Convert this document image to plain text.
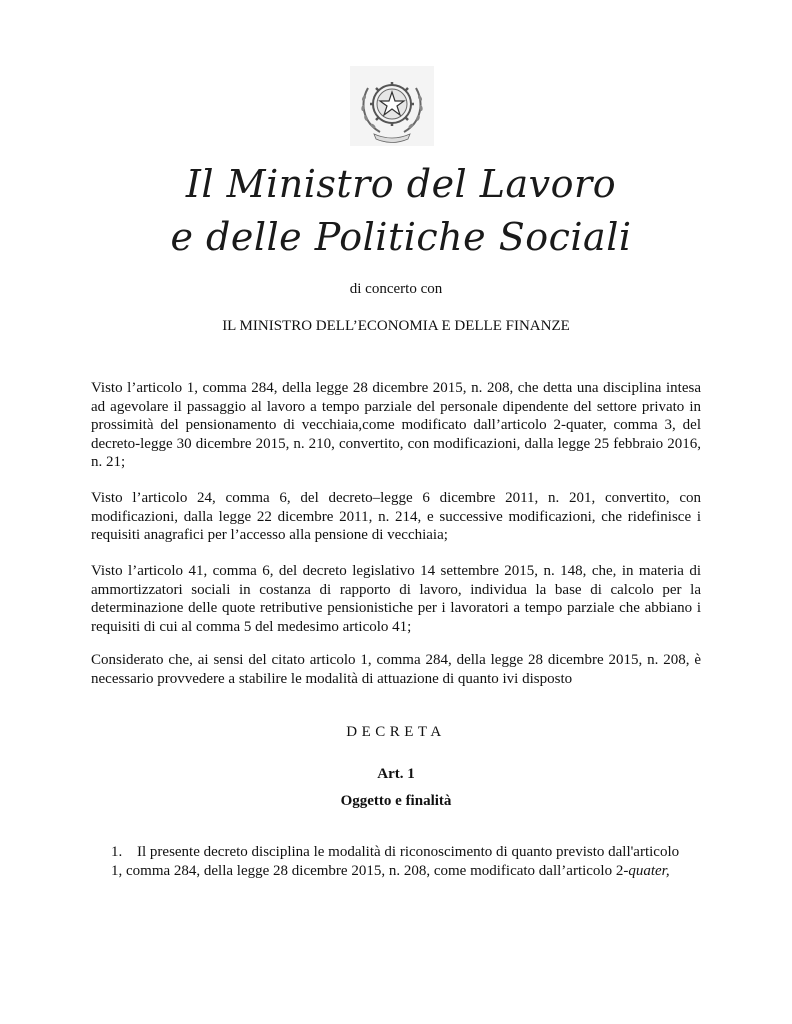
Il Ministro del Lavoro
e delle Politiche Sociali
di concerto con
IL MINISTRO DELL’ECONOMIA E DELLE FINANZE
Visto l’articolo 1, comma 284, della legge 28 dicembre 2015, n. 208, che detta una disciplina intesa ad agevolare il passaggio al lavoro a tempo parziale del personale dipendente del settore privato in prossimità del pensionamento di vecchiaia,come modificato dall’articolo 2-quater, comma 3, del decreto-legge 30 dicembre 2015, n. 210, convertito, con modificazioni, dalla legge 25 febbraio 2016, n. 21;
Visto l’articolo 24, comma 6, del decreto–legge 6 dicembre 2011, n. 201, convertito, con modificazioni, dalla legge 22 dicembre 2011, n. 214, e successive modificazioni, che ridefinisce i requisiti anagrafici per l’accesso alla pensione di vecchiaia;
Visto l’articolo 41, comma 6, del decreto legislativo 14 settembre 2015, n. 148, che, in materia di ammortizzatori sociali in costanza di rapporto di lavoro, individua la base di calcolo per la determinazione delle quote retributive pensionistiche per i lavoratori a tempo parziale che abbiano i requisiti di cui al comma 5 del medesimo articolo 41;
Considerato che, ai sensi del citato articolo 1, comma 284, della legge 28 dicembre 2015, n. 208, è necessario provvedere a stabilire le modalità di attuazione di quanto ivi disposto
DECRETA
Art. 1
Oggetto e finalità
1. Il presente decreto disciplina le modalità di riconoscimento di quanto previsto dall'articolo
1, comma 284, della legge 28 dicembre 2015, n. 208, come modificato dall’articolo 2-quater,
